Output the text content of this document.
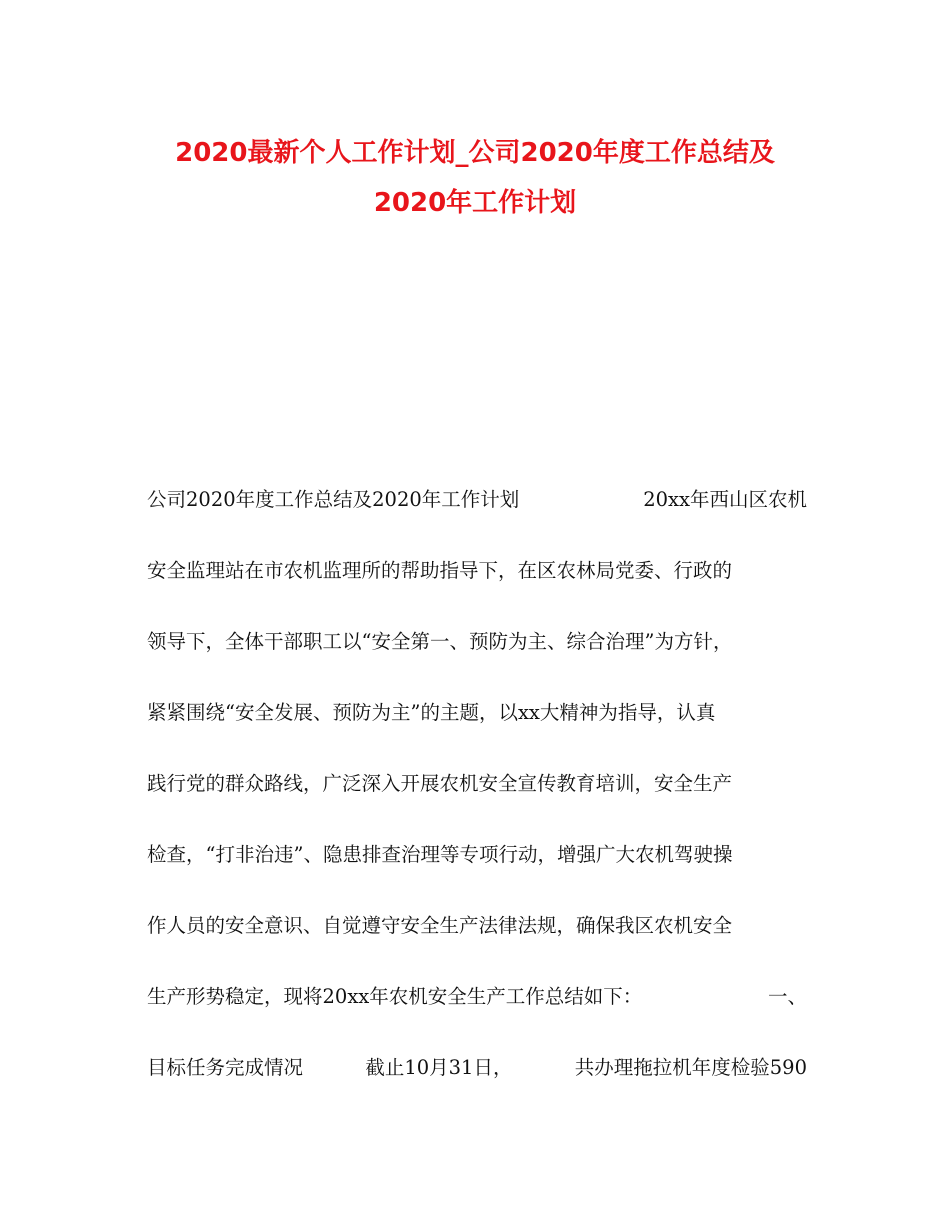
2020最新个人工作计划_公司2020年度工作总结及
2020年工作计划
公司2020年度工作总结及2020年工作计划	20xx年西山区农机
安全监理站在市农机监理所的帮助指导下，在区农林局党委、行政的
领导下，全体干部职工以“安全第一、预防为主、综合治理”为方针，
紧紧围绕“安全发展、预防为主”的主题，以xx大精神为指导，认真
践行党的群众路线，广泛深入开展农机安全宣传教育培训，安全生产
检查，“打非治违”、隐患排查治理等专项行动，增强广大农机驾驶操
作人员的安全意识、自觉遵守安全生产法律法规，确保我区农机安全
生产形势稳定，现将20xx年农机安全生产工作总结如下：	一、
目标任务完成情况	截止10月31日，	共办理拖拉机年度检验590
